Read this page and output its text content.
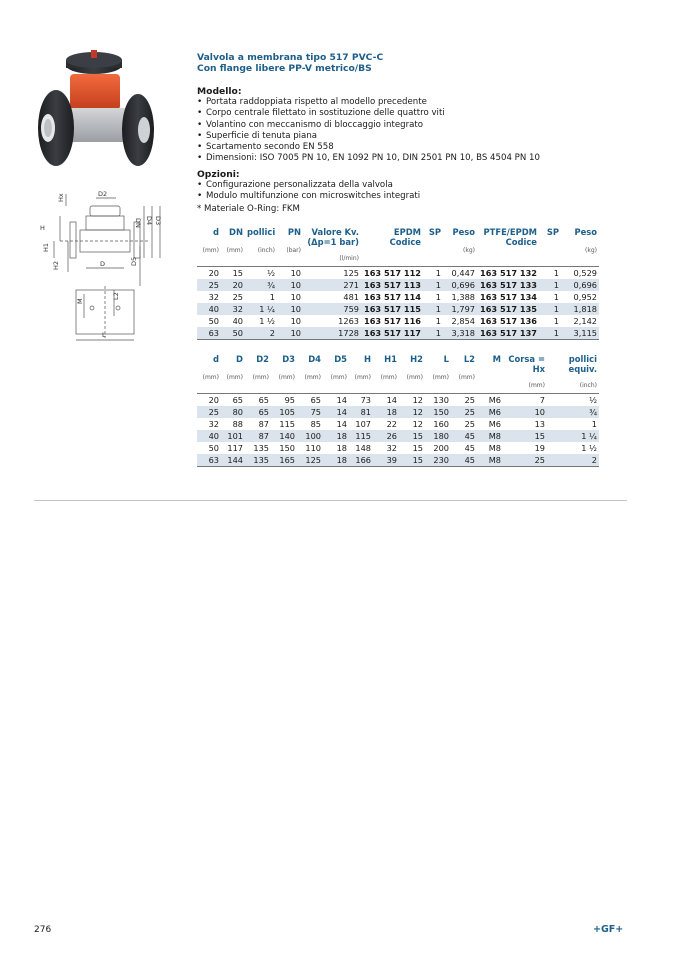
Hx	D2
DN D4 D3
H
H1
H2	D	D5
M
L2
L
Valvola a membrana tipo 517 PVC-C
Con flange libere PP-V metrico/BS
Modello:
• Portata raddoppiata rispetto al modello precedente
• Corpo centrale filettato in sostituzione delle quattro viti
• Volantino con meccanismo di bloccaggio integrato
• Superficie di tenuta piana
• Scartamento secondo EN 558
• Dimensioni: ISO 7005 PN 10, EN 1092 PN 10, DIN 2501 PN 10, BS 4504 PN 10
Opzioni:
• Configurazione personalizzata della valvola
• Modulo multifunzione con microswitches integrati
* Materiale O-Ring: FKM
d	DN	pollici	PN	Valore Kv.	EPDM	SP	Peso	PTFE/EPDM	SP	Peso
				(Δp=1 bar)	Codice			Codice		
(mm)	(mm)	(inch)	(bar)				(kg)			(kg)
				(l/min)						
20	15	½	10	125	163 517 112	1	0,447	163 517 132	1	0,529
25	20	¾	10	271	163 517 113	1	0,696	163 517 133	1	0,696
32	25	1	10	481	163 517 114	1	1,388	163 517 134	1	0,952
40	32	1 ¼	10	759	163 517 115	1	1,797	163 517 135	1	1,818
50	40	1 ½	10	1263	163 517 116	1	2,854	163 517 136	1	2,142
63	50	2	10	1728	163 517 117	1	3,318	163 517 137	1	3,115
d	D	D2	D3	D4	D5	H	H1	H2	L	L2	M	Corsa =	pollici
												Hx	equiv.
(mm)	(mm)	(mm)	(mm)	(mm)	(mm)	(mm)	(mm)	(mm)	(mm)	(mm)			
												(mm)	(inch)
20	65	65	95	65	14	73	14	12	130	25	M6	7	½
25	80	65	105	75	14	81	18	12	150	25	M6	10	¾
32	88	87	115	85	14	107	22	12	160	25	M6	13	1
40	101	87	140	100	18	115	26	15	180	45	M8	15	1 ¼
50	117	135	150	110	18	148	32	15	200	45	M8	19	1 ½
63	144	135	165	125	18	166	39	15	230	45	M8	25	2
276	+GF+
